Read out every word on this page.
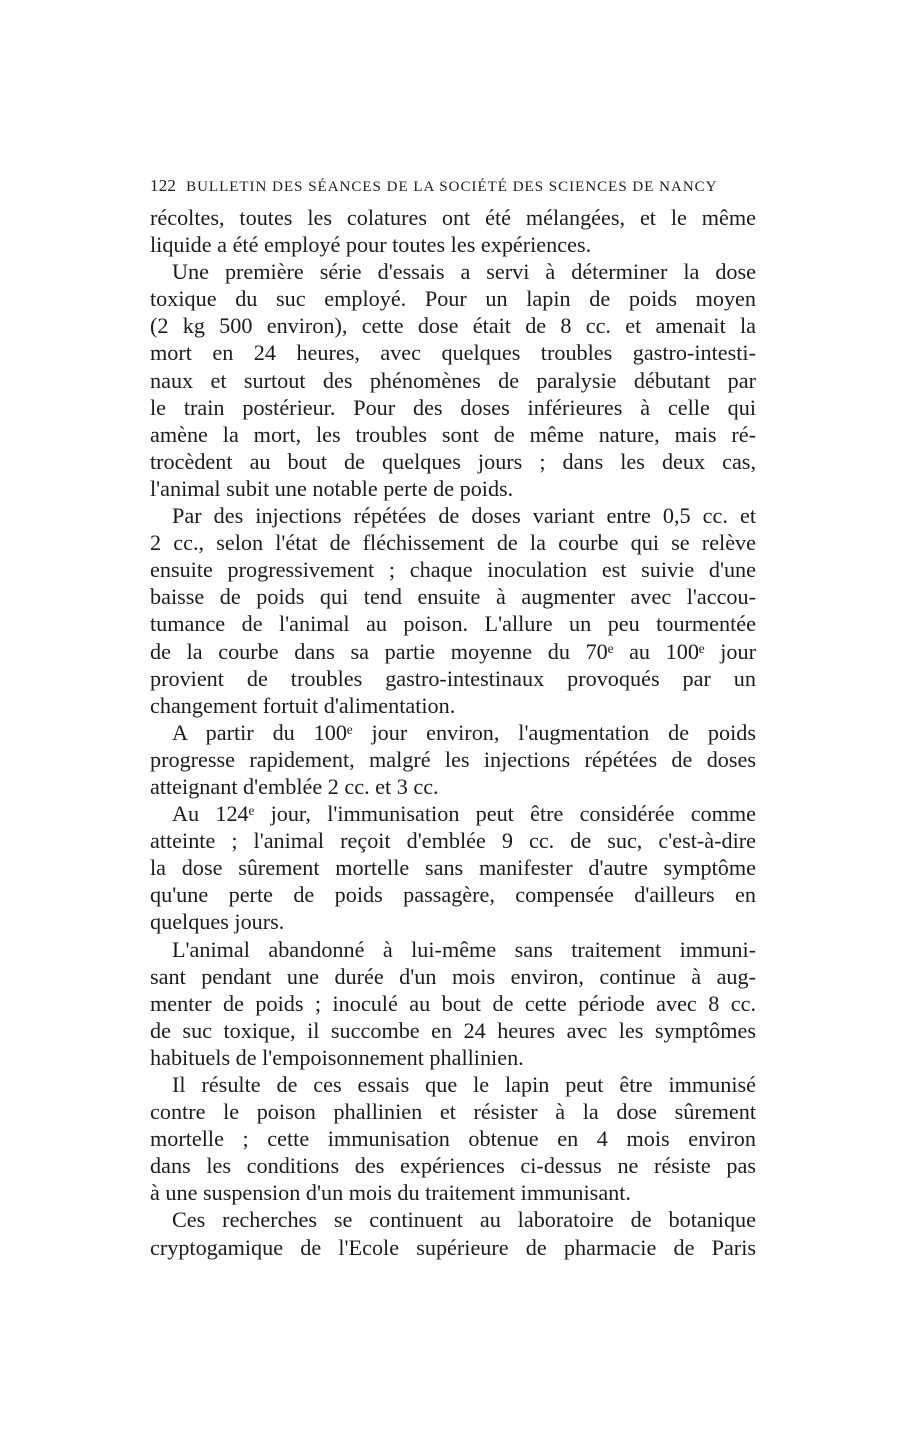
122 BULLETIN DES SÉANCES DE LA SOCIÉTÉ DES SCIENCES DE NANCY
récoltes, toutes les colatures ont été mélangées, et le même
liquide a été employé pour toutes les expériences.
Une première série d'essais a servi à déterminer la dose
toxique du suc employé. Pour un lapin de poids moyen
(2 kg 500 environ), cette dose était de 8 cc. et amenait la
mort en 24 heures, avec quelques troubles gastro-intesti-
naux et surtout des phénomènes de paralysie débutant par
le train postérieur. Pour des doses inférieures à celle qui
amène la mort, les troubles sont de même nature, mais ré-
trocèdent au bout de quelques jours ; dans les deux cas,
l'animal subit une notable perte de poids.
Par des injections répétées de doses variant entre 0,5 cc. et
2 cc., selon l'état de fléchissement de la courbe qui se relève
ensuite progressivement ; chaque inoculation est suivie d'une
baisse de poids qui tend ensuite à augmenter avec l'accou-
tumance de l'animal au poison. L'allure un peu tourmentée
de la courbe dans sa partie moyenne du 70ᵉ au 100ᵉ jour
provient de troubles gastro-intestinaux provoqués par un
changement fortuit d'alimentation.
A partir du 100ᵉ jour environ, l'augmentation de poids
progresse rapidement, malgré les injections répétées de doses
atteignant d'emblée 2 cc. et 3 cc.
Au 124ᵉ jour, l'immunisation peut être considérée comme
atteinte ; l'animal reçoit d'emblée 9 cc. de suc, c'est-à-dire
la dose sûrement mortelle sans manifester d'autre symptôme
qu'une perte de poids passagère, compensée d'ailleurs en
quelques jours.
L'animal abandonné à lui-même sans traitement immuni-
sant pendant une durée d'un mois environ, continue à aug-
menter de poids ; inoculé au bout de cette période avec 8 cc.
de suc toxique, il succombe en 24 heures avec les symptômes
habituels de l'empoisonnement phallinien.
Il résulte de ces essais que le lapin peut être immunisé
contre le poison phallinien et résister à la dose sûrement
mortelle ; cette immunisation obtenue en 4 mois environ
dans les conditions des expériences ci-dessus ne résiste pas
à une suspension d'un mois du traitement immunisant.
Ces recherches se continuent au laboratoire de botanique
cryptogamique de l'Ecole supérieure de pharmacie de Paris
